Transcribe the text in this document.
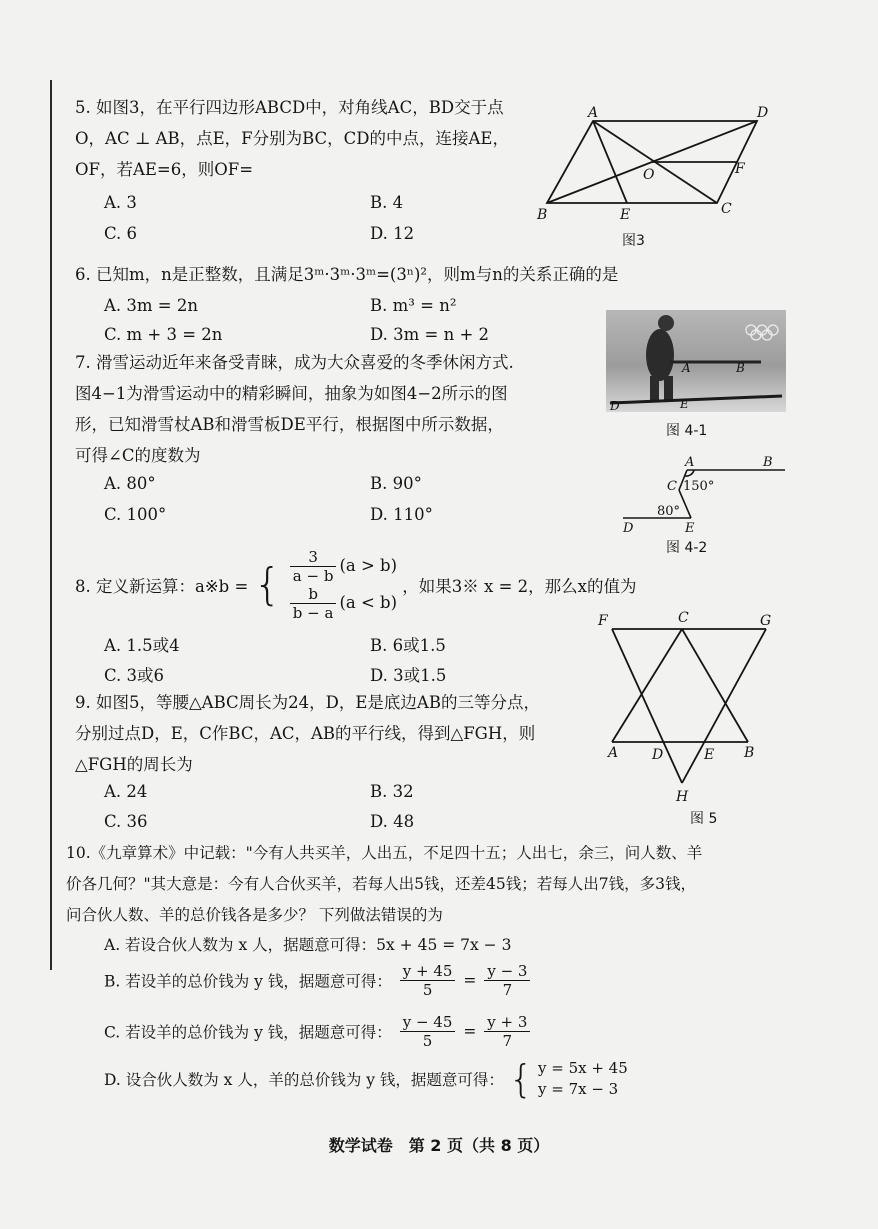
5. 如图3，在平行四边形ABCD中，对角线AC，BD交于点
O，AC ⊥ AB，点E，F分别为BC，CD的中点，连接AE，
OF，若AE=6，则OF=
A. 3	B. 4
C. 6	D. 12
A
B	C
D
E
F
O
图3
6. 已知m，n是正整数，且满足3ᵐ·3ᵐ·3ᵐ=(3ⁿ)²，则m与n的关系正确的是
A. 3m = 2n	B. m³ = n²
C. m + 3 = 2n	D. 3m = n + 2
A	B
D	E
图 4-1
7. 滑雪运动近年来备受青睐，成为大众喜爱的冬季休闲方式.
图4−1为滑雪运动中的精彩瞬间，抽象为如图4−2所示的图
形，已知滑雪杖AB和滑雪板DE平行，根据图中所示数据，
可得∠C的度数为
A. 80°	B. 90°
C. 100°	D. 110°
A	B
C
D	E
150°
80°
图 4-2
8. 定义新运算：a※b = { $\frac{3}{a - b} (a > b)$
$\frac{b}{b - a} (a < b)$
，如果3※ x = 2，那么x的值为
A. 1.5或4	B. 6或1.5
C. 3或6	D. 3或1.5
A	B
C
D	E
F	G
H
图 5
9. 如图5，等腰△ABC周长为24，D，E是底边AB的三等分点，
分别过点D，E，C作BC，AC，AB的平行线，得到△FGH，则
△FGH的周长为
A. 24	B. 32
C. 36	D. 48
10.《九章算术》中记载："今有人共买羊，人出五，不足四十五；人出七，余三，问人数、羊
价各几何？"其大意是：今有人合伙买羊，若每人出5钱，还差45钱；若每人出7钱，多3钱，
问合伙人数、羊的总价钱各是多少？ 下列做法错误的为
A. 若设合伙人数为 x 人，据题意可得：5x + 45 = 7x − 3
B. 若设羊的总价钱为 y 钱，据题意可得： $\frac{y + 45}{5} = \frac{y - 3}{7}$
C. 若设羊的总价钱为 y 钱，据题意可得： $\frac{y - 45}{5} = \frac{y + 3}{7}$
D. 设合伙人数为 x 人，羊的总价钱为 y 钱，据题意可得： { y = 5x + 45
y = 7x − 3
数学试卷　第 2 页（共 8 页）
